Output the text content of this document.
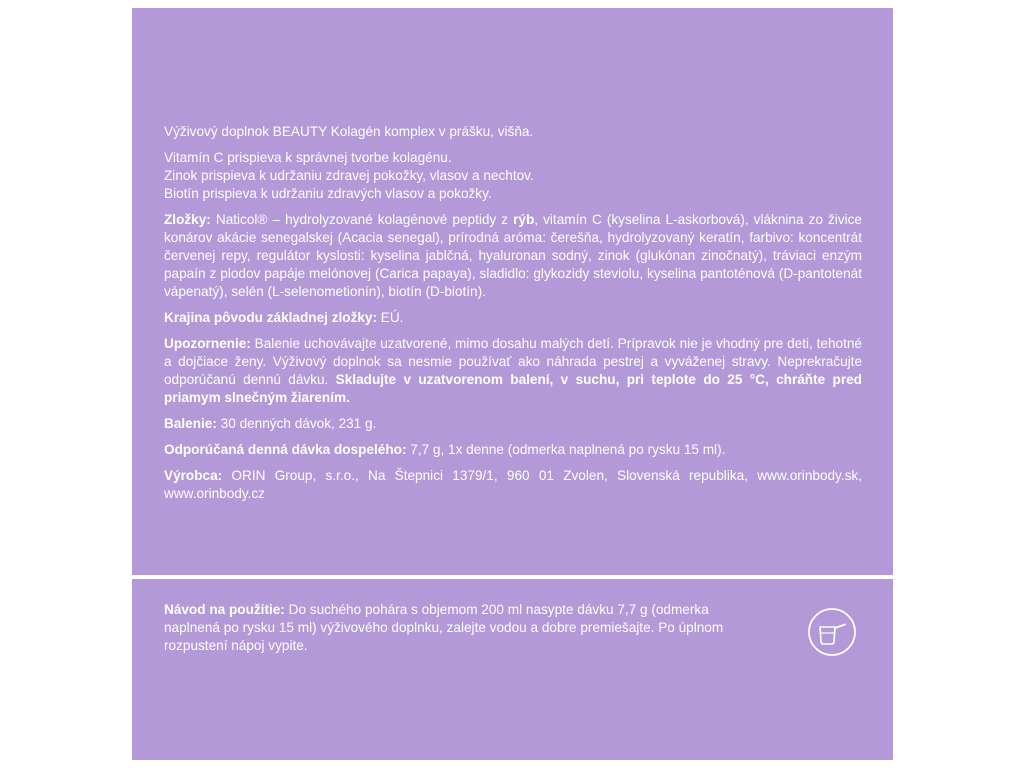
Výživový doplnok BEAUTY Kolagén komplex v prášku, višňa.

Vitamín C prispieva k správnej tvorbe kolagénu.
Zinok prispieva k udržaniu zdravej pokožky, vlasov a nechtov.
Biotín prispieva k udržaniu zdravých vlasov a pokožky.

Zložky: Naticol® – hydrolyzované kolagénové peptidy z rýb, vitamín C (kyselina L-askorbová), vláknina zo živice konárov akácie senegalskej (Acacia senegal), prírodná aróma: čerešňa, hydrolyzovaný keratín, farbivo: koncentrát červenej repy, regulátor kyslosti: kyselina jablčná, hyaluronan sodný, zinok (glukónan zinočnatý), tráviaci enzým papaín z plodov papáje melónovej (Carica papaya), sladidlo: glykozidy steviolu, kyselina pantoténová (D-pantotenát vápenatý), selén (L-selenometionín), biotín (D-biotín).

Krajina pôvodu základnej zložky: EÚ.

Upozornenie: Balenie uchovávajte uzatvorené, mimo dosahu malých detí. Prípravok nie je vhodný pre deti, tehotné a dojčiace ženy. Výživový doplnok sa nesmie používať ako náhrada pestrej a vyváženej stravy. Neprekračujte odporúčanú dennú dávku. Skladujte v uzatvorenom balení, v suchu, pri teplote do 25 °C, chráňte pred priamym slnečným žiarením.

Balenie: 30 denných dávok, 231 g.

Odporúčaná denná dávka dospelého: 7,7 g, 1x denne (odmerka naplnená po rysku 15 ml).

Výrobca: ORIN Group, s.r.o., Na Štepnici 1379/1, 960 01 Zvolen, Slovenská republika, www.orinbody.sk, www.orinbody.cz

Návod na použitie: Do suchého pohára s objemom 200 ml nasypte dávku 7,7 g (odmerka naplnená po rysku 15 ml) výživového doplnku, zalejte vodou a dobre premiešajte. Po úplnom rozpustení nápoj vypite.
